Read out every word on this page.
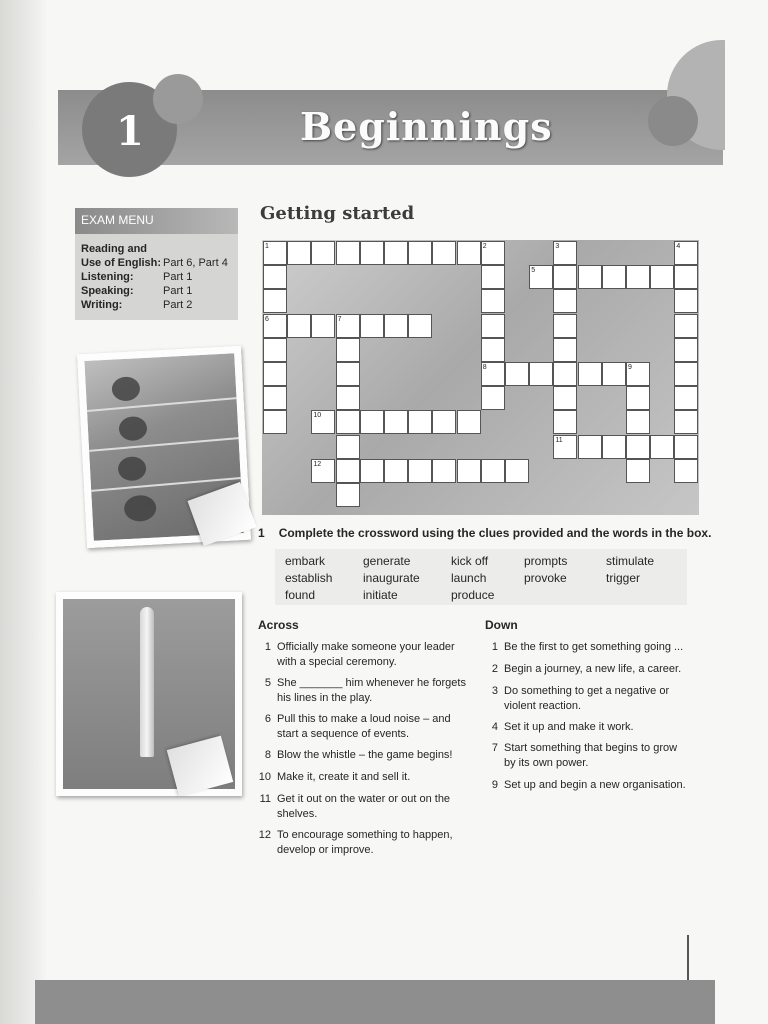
1	Beginnings
EXAM MENU
Reading and
Use of English: Part 6, Part 4
Listening:	Part 1
Speaking:	Part 1
Writing:	Part 2
Getting started
1	2	3	4
5
6	7
8	9
10
11
12
1 Complete the crossword using the clues provided and the words in the box.
embark
establish
found
generate
inaugurate
initiate
kick off
launch
produce
prompts
provoke
stimulate
trigger
Across	Down
1 Officially make someone your leader
with a special ceremony.
5 She _______ him whenever he forgets
his lines in the play.
6 Pull this to make a loud noise – and
start a sequence of events.
8 Blow the whistle – the game begins!
10 Make it, create it and sell it.
11 Get it out on the water or out on the
shelves.
12 To encourage something to happen,
develop or improve.
1 Be the first to get something going ...
2 Begin a journey, a new life, a career.
3 Do something to get a negative or
violent reaction.
4 Set it up and make it work.
7 Start something that begins to grow
by its own power.
9 Set up and begin a new organisation.
